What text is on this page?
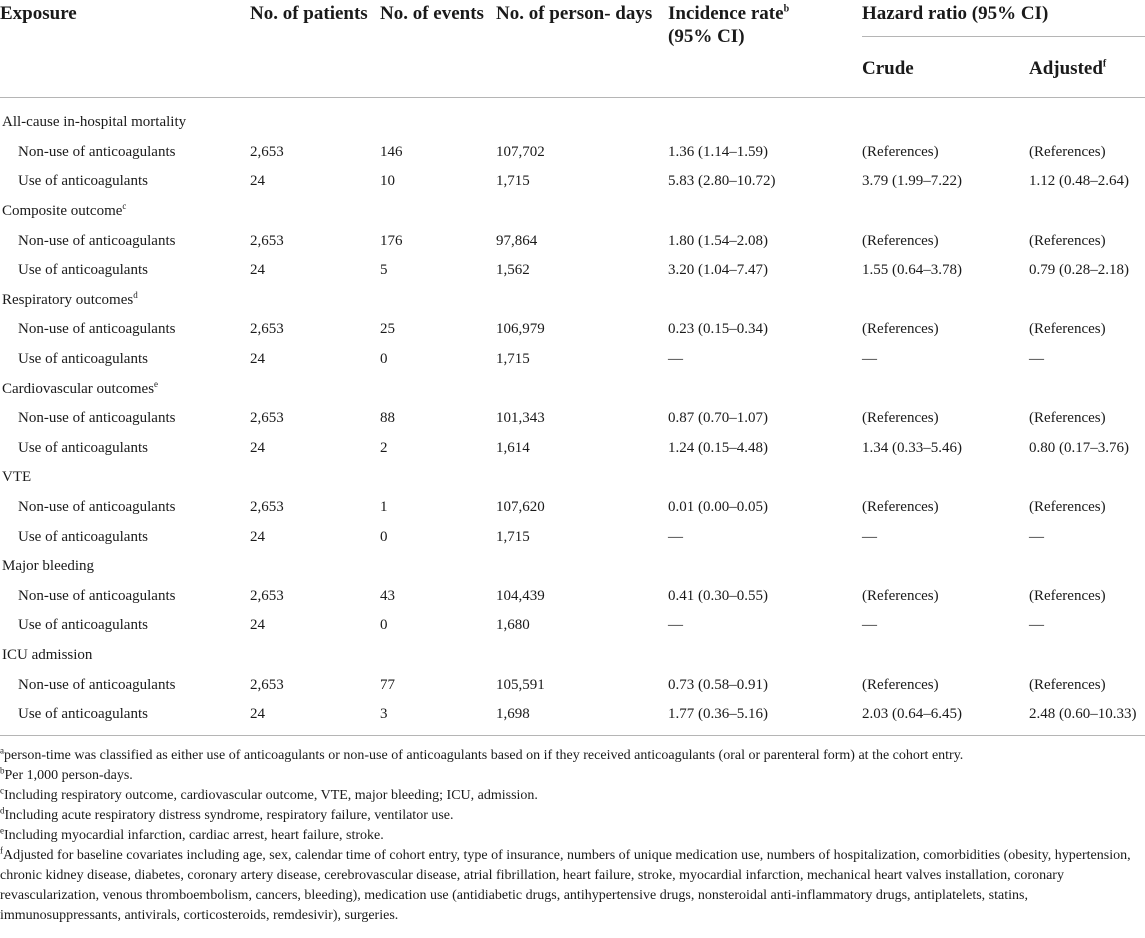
Exposure	No. of patients	No. of events	No. of person- days	Incidence rate$^b$
(95% CI)	Hazard ratio (95% CI)	
					Crude	Adjusted$^f$
All-cause in-hospital mortality						
Non-use of anticoagulants	2,653	146	107,702	1.36 (1.14–1.59)	(References)	(References)
Use of anticoagulants	24	10	1,715	5.83 (2.80–10.72)	3.79 (1.99–7.22)	1.12 (0.48–2.64)
Composite outcome$^c$
Non-use of anticoagulants	2,653	176	97,864	1.80 (1.54–2.08)	(References)	(References)
Use of anticoagulants	24	5	1,562	3.20 (1.04–7.47)	1.55 (0.64–3.78)	0.79 (0.28–2.18)
Respiratory outcomes$^d$
Non-use of anticoagulants	2,653	25	106,979	0.23 (0.15–0.34)	(References)	(References)
Use of anticoagulants	24	0	1,715	—	—	—
Cardiovascular outcomes$^e$
Non-use of anticoagulants	2,653	88	101,343	0.87 (0.70–1.07)	(References)	(References)
Use of anticoagulants	24	2	1,614	1.24 (0.15–4.48)	1.34 (0.33–5.46)	0.80 (0.17–3.76)
VTE						
Non-use of anticoagulants	2,653	1	107,620	0.01 (0.00–0.05)	(References)	(References)
Use of anticoagulants	24	0	1,715	—	—	—
Major bleeding						
Non-use of anticoagulants	2,653	43	104,439	0.41 (0.30–0.55)	(References)	(References)
Use of anticoagulants	24	0	1,680	—	—	—
ICU admission						
Non-use of anticoagulants	2,653	77	105,591	0.73 (0.58–0.91)	(References)	(References)
Use of anticoagulants	24	3	1,698	1.77 (0.36–5.16)	2.03 (0.64–6.45)	2.48 (0.60–10.33)

$^a$person-time was classified as either use of anticoagulants or non-use of anticoagulants based on if they received anticoagulants (oral or parenteral form) at the cohort entry.

$^b$Per 1,000 person-days.

$^c$Including respiratory outcome, cardiovascular outcome, VTE, major bleeding; ICU, admission.

$^d$Including acute respiratory distress syndrome, respiratory failure, ventilator use.

$^e$Including myocardial infarction, cardiac arrest, heart failure, stroke.

$^f$Adjusted for baseline covariates including age, sex, calendar time of cohort entry, type of insurance, numbers of unique medication use, numbers of hospitalization, comorbidities (obesity, hypertension, chronic kidney disease, diabetes, coronary artery disease, cerebrovascular disease, atrial fibrillation, heart failure, stroke, myocardial infarction, mechanical heart valves installation, coronary revascularization, venous thromboembolism, cancers, bleeding), medication use (antidiabetic drugs, antihypertensive drugs, nonsteroidal anti-inflammatory drugs, antiplatelets, statins, immunosuppressants, antivirals, corticosteroids, remdesivir), surgeries.
